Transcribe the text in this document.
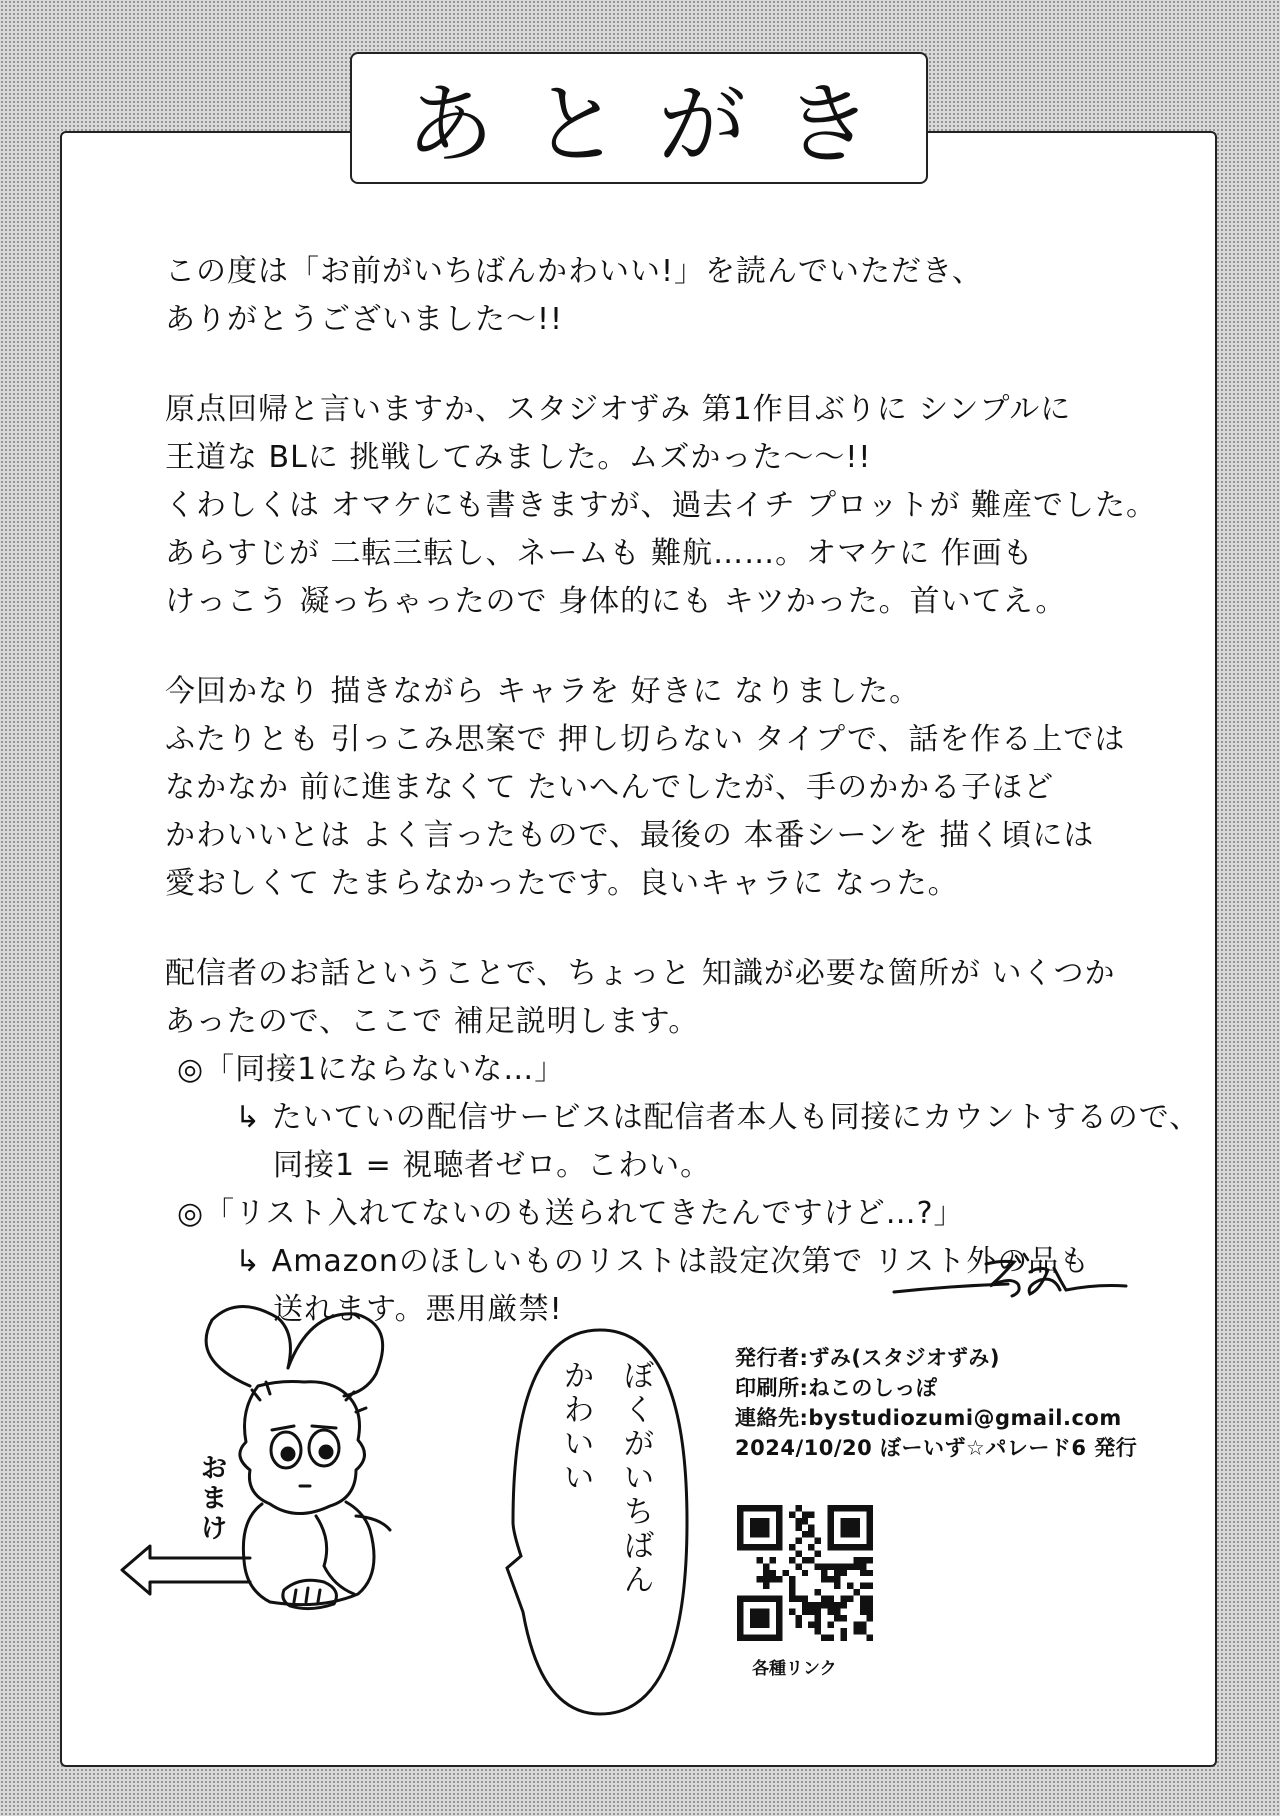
あとがき
この度は「お前がいちばんかわいい!」を読んでいただき、
ありがとうございました〜!!
原点回帰と言いますか、スタジオずみ 第1作目ぶりに シンプルに
王道な BLに 挑戦してみました。ムズかった〜〜!!
くわしくは オマケにも書きますが、過去イチ プロットが 難産でした。
あらすじが 二転三転し、ネームも 難航……。オマケに 作画も
けっこう 凝っちゃったので 身体的にも キツかった。首いてえ。
今回かなり 描きながら キャラを 好きに なりました。
ふたりとも 引っこみ思案で 押し切らない タイプで、話を作る上では
なかなか 前に進まなくて たいへんでしたが、手のかかる子ほど
かわいいとは よく言ったもので、最後の 本番シーンを 描く頃には
愛おしくて たまらなかったです。良いキャラに なった。
配信者のお話ということで、ちょっと 知識が必要な箇所が いくつか
あったので、ここで 補足説明します。
◎「同接1にならないな…」
↳ たいていの配信サービスは配信者本人も同接にカウントするので、
同接1 = 視聴者ゼロ。こわい。
◎「リスト入れてないのも送られてきたんですけど…?」
↳ Amazonのほしいものリストは設定次第で リスト外の品も
送れます。悪用厳禁!
発行者:ずみ(スタジオずみ)
印刷所:ねこのしっぽ
連絡先:bystudiozumi@gmail.com
2024/10/20 ぼーいず☆パレード6 発行
各種リンク
お
ま
け
ぼ
く
が
い
ち
ば
ん
か
わ
い
い
